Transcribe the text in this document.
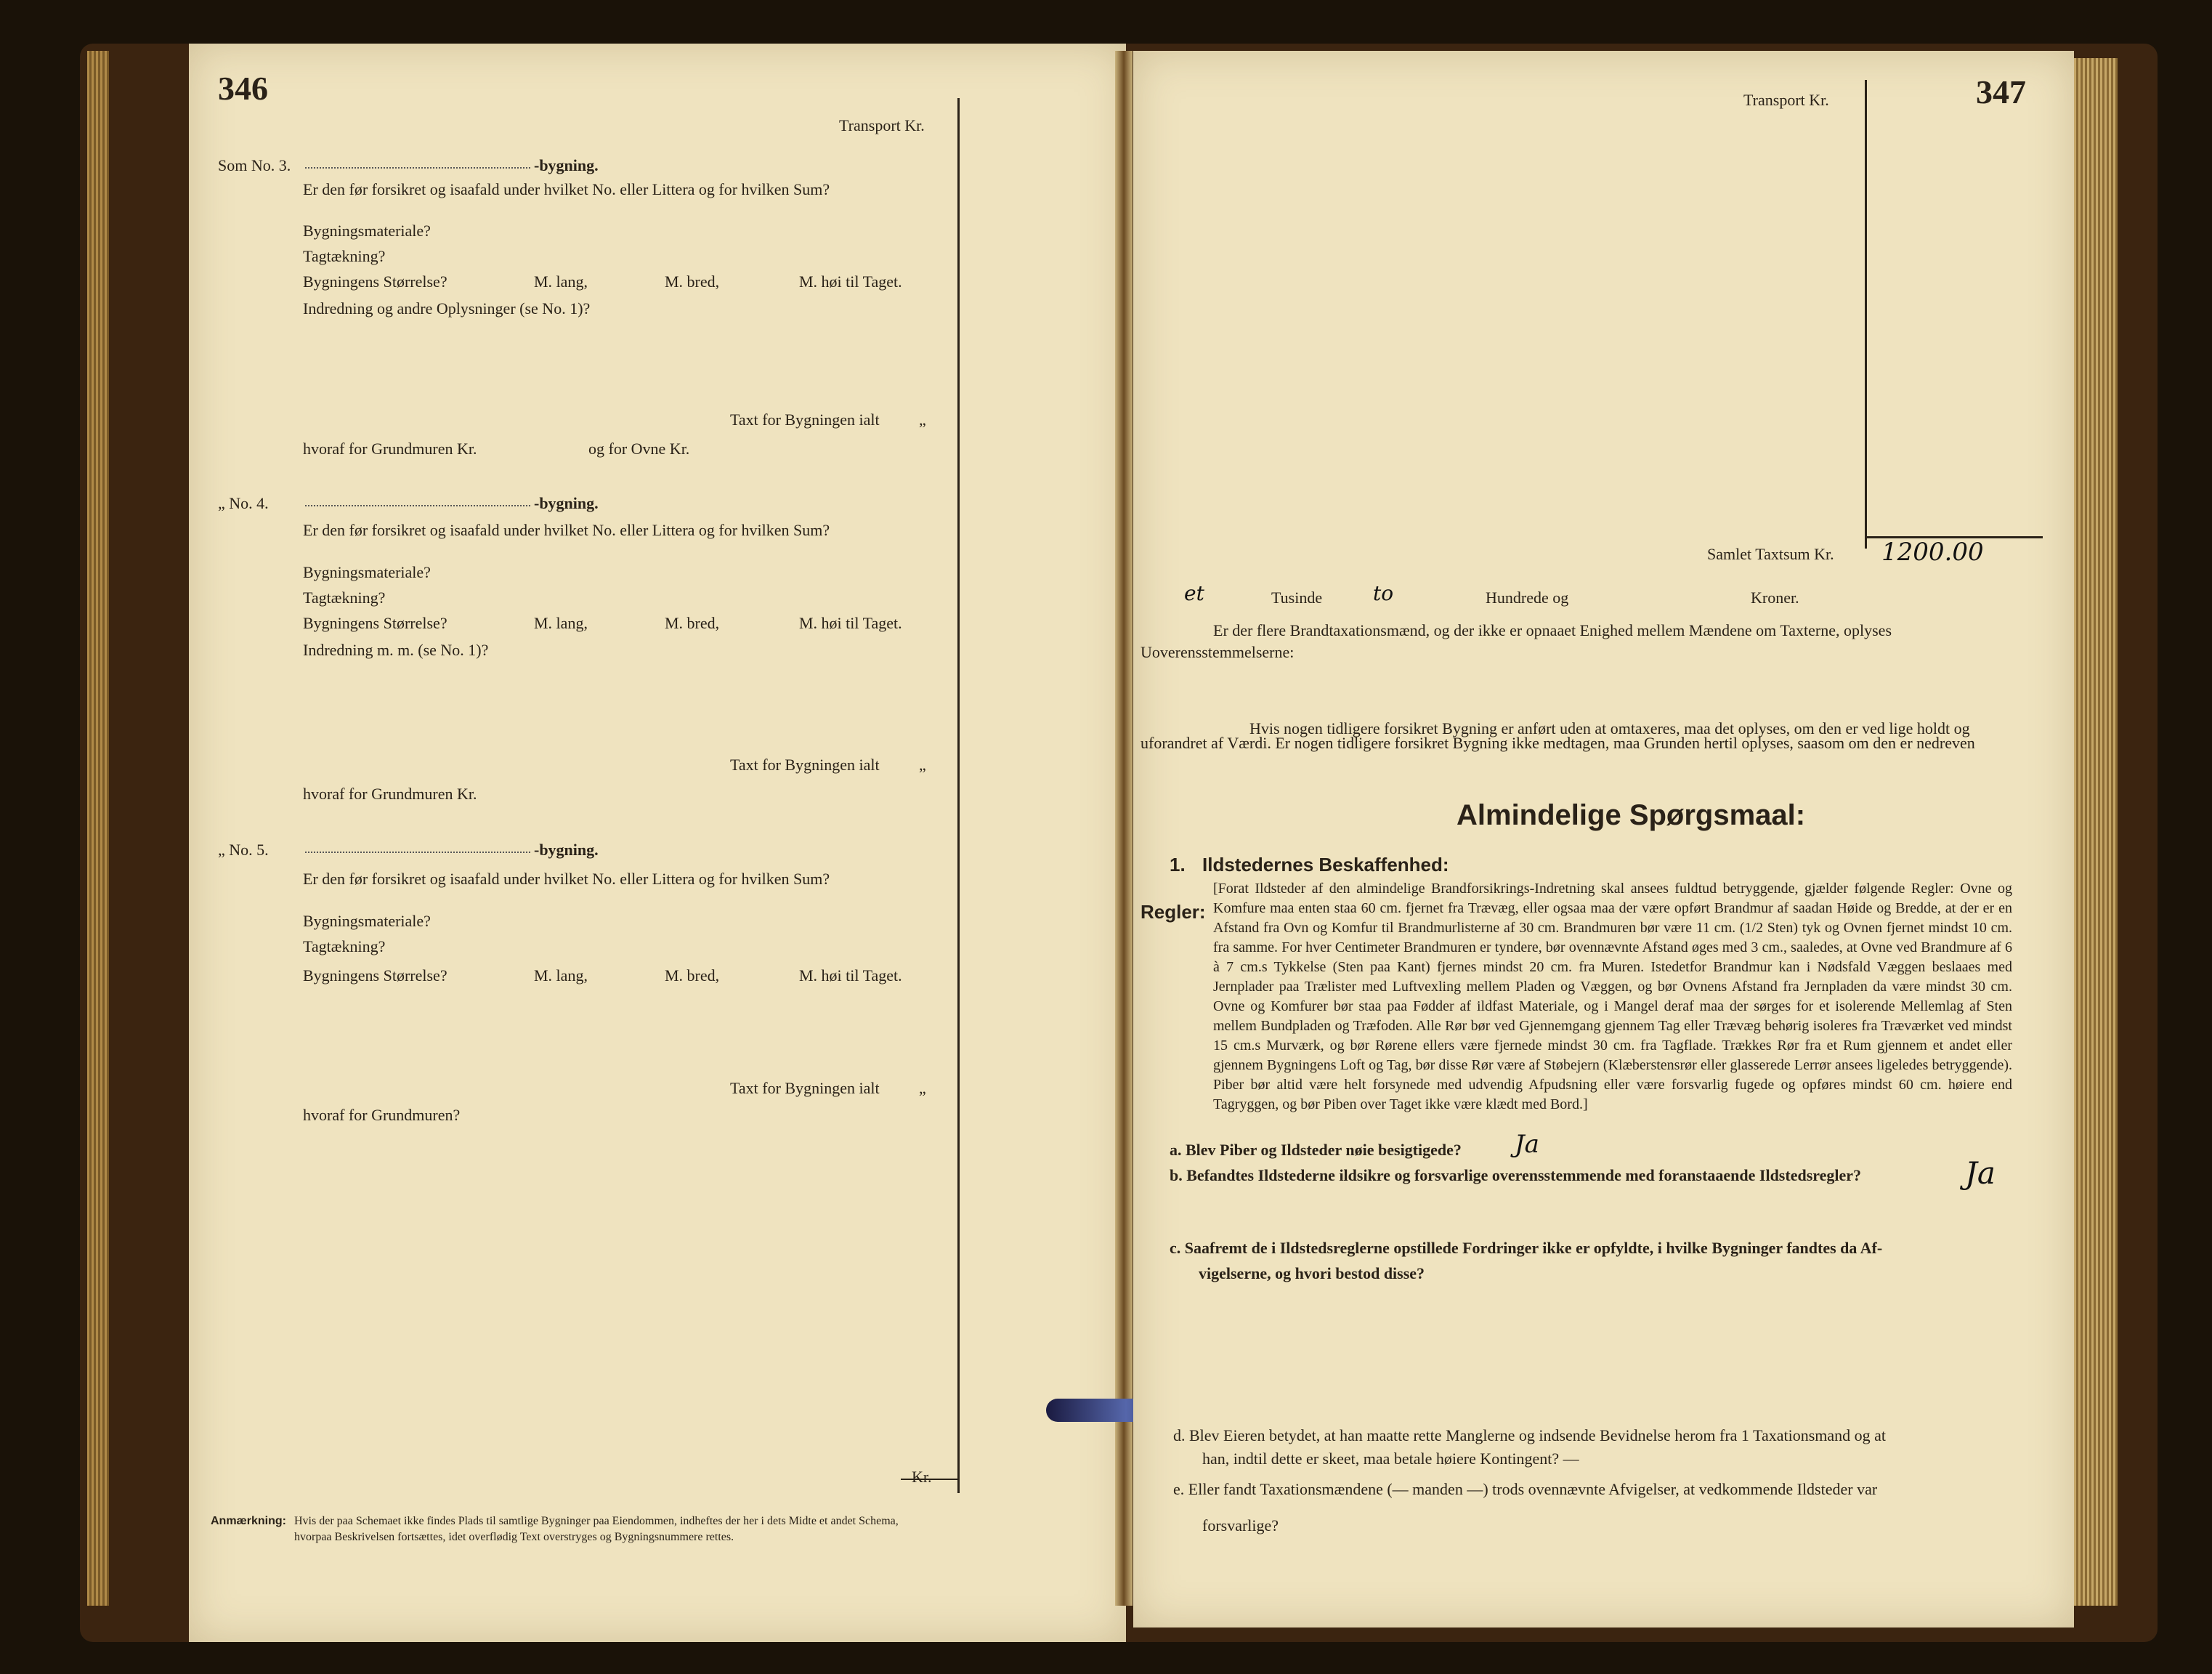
346
Transport Kr.
Som No. 3.	-bygning.
Er den før forsikret og isaafald under hvilket No. eller Littera og for hvilken Sum?
Bygningsmateriale?
Tagtækning?
Bygningens Størrelse?	M. lang,	M. bred,	M. høi til Taget.
Indredning og andre Oplysninger (se No. 1)?
Taxt for Bygningen ialt „
hvoraf for Grundmuren Kr.	og for Ovne Kr.
„ No. 4.	-bygning.
Er den før forsikret og isaafald under hvilket No. eller Littera og for hvilken Sum?
Bygningsmateriale?
Tagtækning?
Bygningens Størrelse?	M. lang,	M. bred,	M. høi til Taget.
Indredning m. m. (se No. 1)?
Taxt for Bygningen ialt „
hvoraf for Grundmuren Kr.
„ No. 5.	-bygning.
Er den før forsikret og isaafald under hvilket No. eller Littera og for hvilken Sum?
Bygningsmateriale?
Tagtækning?
Bygningens Størrelse?	M. lang,	M. bred,	M. høi til Taget.
Taxt for Bygningen ialt „
hvoraf for Grundmuren?
Kr.
Anmærkning: Hvis der paa Schemaet ikke findes Plads til samtlige Bygninger paa Eiendommen, indheftes der her i dets Midte et andet Schema,
hvorpaa Beskrivelsen fortsættes, idet overflødig Text overstryges og Bygningsnummere rettes.
347
Transport Kr.
Samlet Taxtsum Kr. 1200.00
et	Tusinde to	Hundrede og	Kroner.
Er der flere Brandtaxationsmænd, og der ikke er opnaaet Enighed mellem Mændene om Taxterne, oplyses
Uoverensstemmelserne:
Hvis nogen tidligere forsikret Bygning er anført uden at omtaxeres, maa det oplyses, om den er ved lige holdt og
uforandret af Værdi. Er nogen tidligere forsikret Bygning ikke medtagen, maa Grunden hertil oplyses, saasom om den er nedreven
Almindelige Spørgsmaal:
1. Ildstedernes Beskaffenhed:
Regler:
[Forat Ildsteder af den almindelige Brandforsikrings-Indretning skal ansees fuldtud betryggende, gjælder følgende Regler: Ovne og Komfure maa enten staa 60 cm. fjernet fra Trævæg, eller ogsaa maa der være opført Brandmur af saadan Høide og Bredde, at der er en Afstand fra Ovn og Komfur til Brandmurlisterne af 30 cm. Brandmuren bør være 11 cm. (1/2 Sten) tyk og Ovnen fjernet mindst 10 cm. fra samme. For hver Centimeter Brandmuren er tyndere, bør ovennævnte Afstand øges med 3 cm., saaledes, at Ovne ved Brandmure af 6 à 7 cm.s Tykkelse (Sten paa Kant) fjernes mindst 20 cm. fra Muren. Istedetfor Brandmur kan i Nødsfald Væggen beslaaes med Jernplader paa Trælister med Luftvexling mellem Pladen og Væggen, og bør Ovnens Afstand fra Jernpladen da være mindst 30 cm. Ovne og Komfurer bør staa paa Fødder af ildfast Materiale, og i Mangel deraf maa der sørges for et isolerende Mellemlag af Sten mellem Bundpladen og Træfoden. Alle Rør bør ved Gjennemgang gjennem Tag eller Trævæg behørig isoleres fra Træværket ved mindst 15 cm.s Murværk, og bør Rørene ellers være fjernede mindst 30 cm. fra Tagflade. Trækkes Rør fra et Rum gjennem et andet eller gjennem Bygningens Loft og Tag, bør disse Rør være af Støbejern (Klæberstensrør eller glasserede Lerrør ansees ligeledes betryggende). Piber bør altid være helt forsynede med udvendig Afpudsning eller være forsvarlig fugede og opføres mindst 60 cm. høiere end Tagryggen, og bør Piben over Taget ikke være klædt med Bord.]
a. Blev Piber og Ildsteder nøie besigtigede? Ja
b. Befandtes Ildstederne ildsikre og forsvarlige overensstemmende med foranstaaende Ildstedsregler?	Ja
c. Saafremt de i Ildstedsreglerne opstillede Fordringer ikke er opfyldte, i hvilke Bygninger fandtes da Af-
vigelserne, og hvori bestod disse?
d. Blev Eieren betydet, at han maatte rette Manglerne og indsende Bevidnelse herom fra 1 Taxationsmand og at
han, indtil dette er skeet, maa betale høiere Kontingent? —
e. Eller fandt Taxationsmændene (— manden —) trods ovennævnte Afvigelser, at vedkommende Ildsteder var
forsvarlige?
